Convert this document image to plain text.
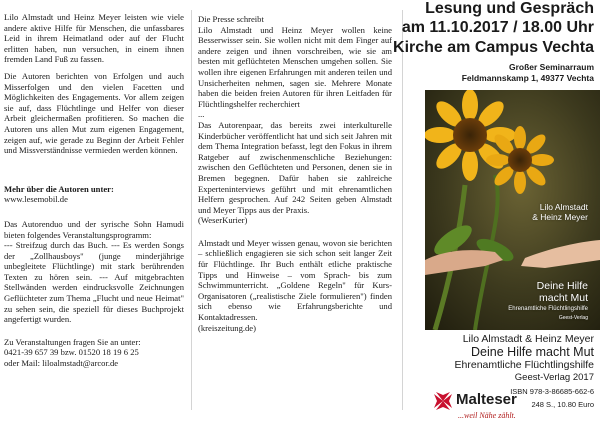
Lilo Almstadt und Heinz Meyer leisten wie viele andere aktive Hilfe für Menschen, die unfassbares Leid in ihrem Heimatland oder auf der Flucht erlitten haben, nun versuchen, in einem ihnen fremden Land Fuß zu fassen.

Die Autoren berichten von Erfolgen und auch Misserfolgen und den vielen Facetten und Möglichkeiten des Engagements. Vor allem zeigen sie auf, dass Flüchtlinge und Helfer von dieser Arbeit gleichermaßen profitieren. So machen die Autoren uns allen Mut zum eigenen Engagement, zeigen auf, wie gerade zu Beginn der Arbeit Fehler und Missverständnisse vermieden werden können.

Mehr über die Autoren unter:

www.lesemobil.de

Das Autorenduo und der syrische Sohn Hamudi bieten folgendes Veranstaltungsprogramm:

--- Streifzug durch das Buch. --- Es werden Songs der „Zollhausboys" (junge minderjährige unbegleitete Flüchtlinge) mit stark berührenden Texten zu hören sein. --- Auf mitgebrachten Stellwänden werden eindrucksvolle Zeichnungen Geflüchteter zum Thema „Flucht und neue Heimat" zu sehen sein, die speziell für dieses Buchprojekt angefertigt wurden.

Zu Veranstaltungen fragen Sie an unter:

0421-39 657 39 bzw. 01520 18 19 6 25

oder Mail: liloalmstadt@arcor.de

Die Presse schreibt

Lilo Almstadt und Heinz Meyer wollen keine Besserwisser sein. Sie wollen nicht mit dem Finger auf andere zeigen und ihnen vorschreiben, wie sie am besten mit geflüchteten Menschen umgehen sollen. Sie wollen ihre eigenen Erfahrungen mit anderen teilen und Unsicherheiten nehmen, sagen sie. Mehrere Monate haben die beiden freien Autoren für ihren Leitfaden für Flüchtlingshelfer recherchiert

...

Das Autorenpaar, das bereits zwei interkulturelle Kinderbücher veröffentlicht hat und sich seit Jahren mit dem Thema Integration befasst, legt den Fokus in ihrem Ratgeber auf zwischenmenschliche Beziehungen: zwischen den Geflüchteten und Personen, denen sie in Bremen begegnen. Dafür haben sie zahlreiche Experteninterviews geführt und mit ehrenamtlichen Helfern gesprochen. Auf 242 Seiten geben Almstadt und Meyer Tipps aus der Praxis.

(WeserKurier)

Almstadt und Meyer wissen genau, wovon sie berichten – schließlich engagieren sie sich schon seit langer Zeit für Flüchtlinge. Ihr Buch enthält etliche praktische Tipps und Hinweise – vom Sprach- bis zum Schwimmunterricht. „Goldene Regeln" für Kurs-Organisatoren („realistische Ziele formulieren") finden sich ebenso wie Erfahrungsberichte und Kontaktadressen.

(kreiszeitung.de)

Lesung und Gespräch
am 11.10.2017 / 18.00 Uhr
Kirche am Campus Vechta
Großer Seminarraum
Feldmannskamp 1, 49377 Vechta
Lilo Almstadt
& Heinz Meyer
Deine Hilfe
macht Mut
Ehrenamtliche Flüchtlingshilfe
Geest-Verlag
Lilo Almstadt & Heinz Meyer
Deine Hilfe macht Mut
Ehrenamtliche Flüchtlingshilfe
Geest-Verlag 2017
ISBN 978-3-86685-662-6
248 S., 10.80 Euro
Malteser
...weil Nähe zählt.
